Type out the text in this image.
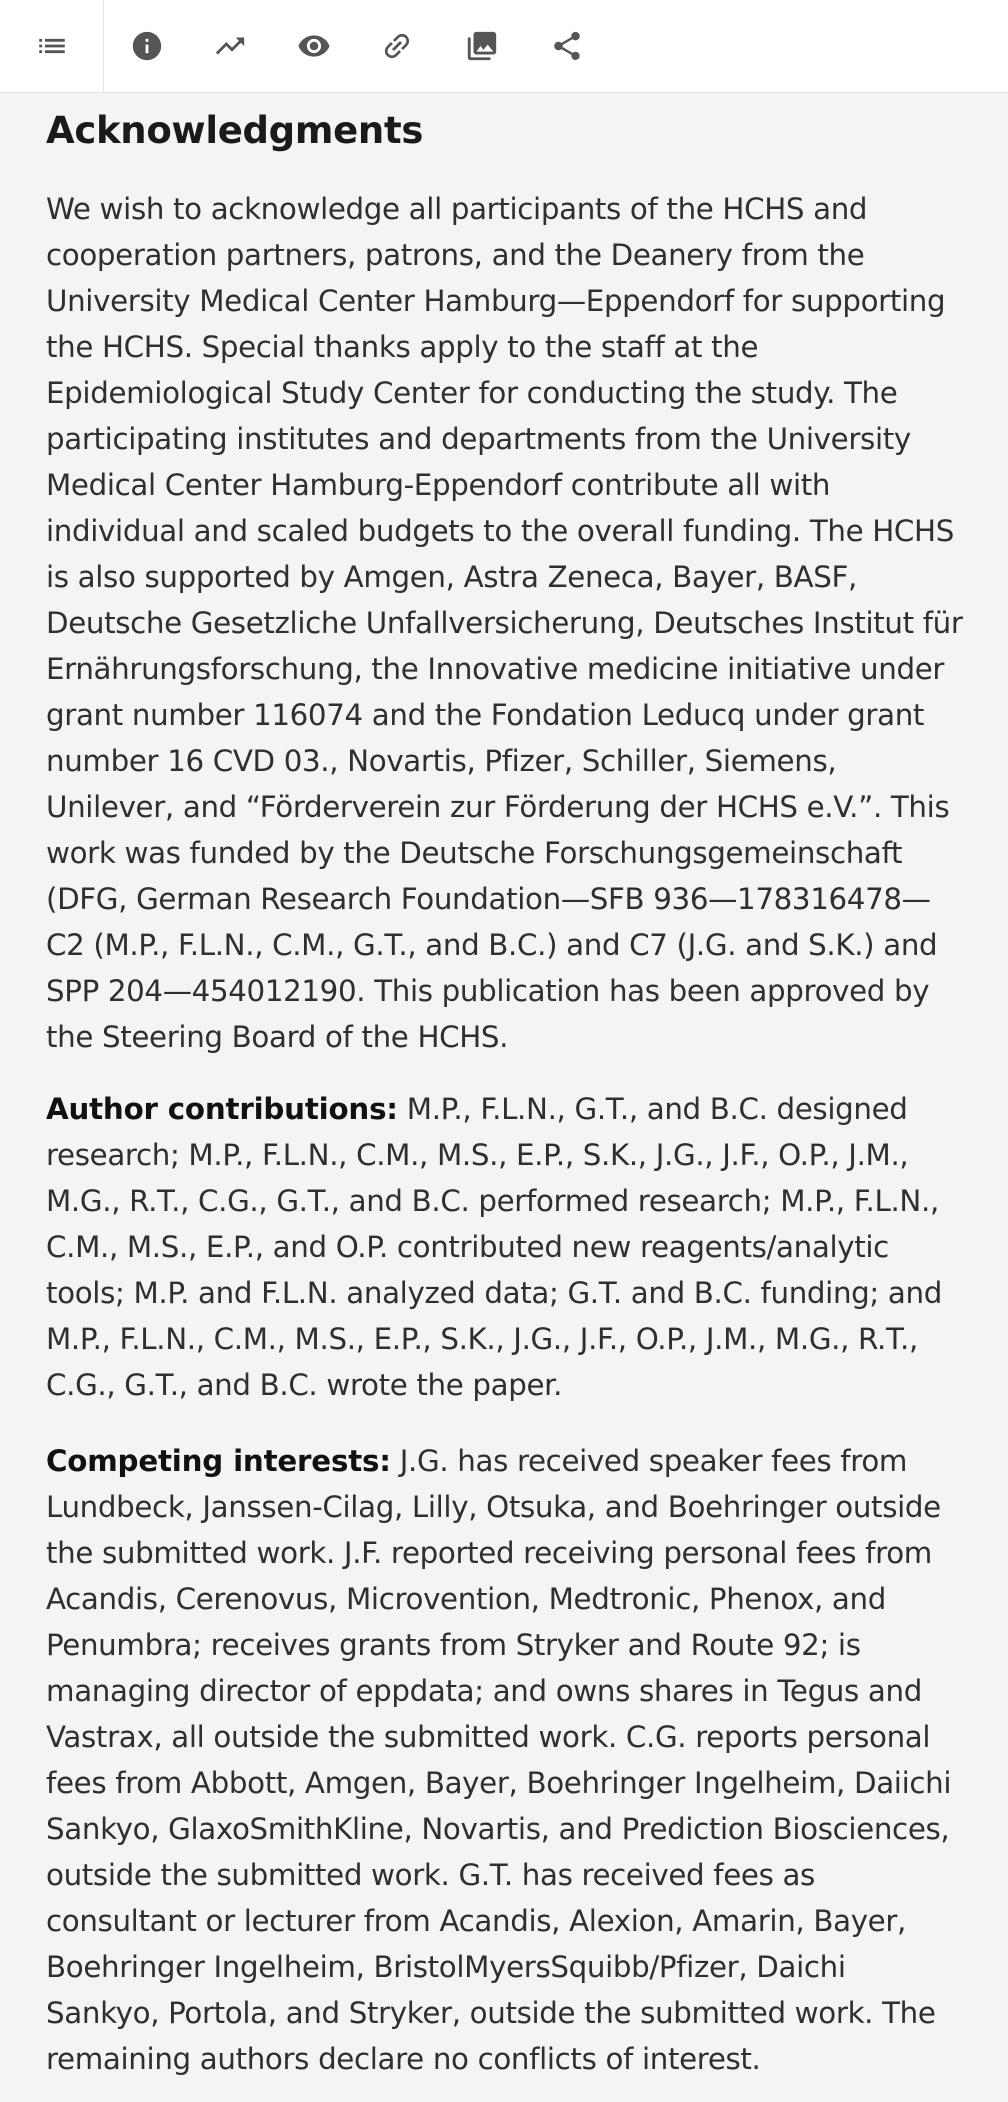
Acknowledgments

We wish to acknowledge all participants of the HCHS and cooperation partners, patrons, and the Deanery from the University Medical Center Hamburg—Eppendorf for supporting the HCHS. Special thanks apply to the staff at the Epidemiological Study Center for conducting the study. The participating institutes and departments from the University Medical Center Hamburg-Eppendorf contribute all with individual and scaled budgets to the overall funding. The HCHS is also supported by Amgen, Astra Zeneca, Bayer, BASF, Deutsche Gesetzliche Unfallversicherung, Deutsches Institut für Ernährungsforschung, the Innovative medicine initiative under grant number 116074 and the Fondation Leducq under grant number 16 CVD 03., Novartis, Pfizer, Schiller, Siemens, Unilever, and “Förderverein zur Förderung der HCHS e.V.”. This work was funded by the Deutsche Forschungsgemeinschaft (DFG, German Research Foundation—SFB 936—178316478—C2 (M.P., F.L.N., C.M., G.T., and B.C.) and C7 (J.G. and S.K.) and SPP 204—454012190. This publication has been approved by the Steering Board of the HCHS.

Author contributions: M.P., F.L.N., G.T., and B.C. designed research; M.P., F.L.N., C.M., M.S., E.P., S.K., J.G., J.F., O.P., J.M., M.G., R.T., C.G., G.T., and B.C. performed research; M.P., F.L.N., C.M., M.S., E.P., and O.P. contributed new reagents/analytic tools; M.P. and F.L.N. analyzed data; G.T. and B.C. funding; and M.P., F.L.N., C.M., M.S., E.P., S.K., J.G., J.F., O.P., J.M., M.G., R.T., C.G., G.T., and B.C. wrote the paper.

Competing interests: J.G. has received speaker fees from Lundbeck, Janssen-Cilag, Lilly, Otsuka, and Boehringer outside the submitted work. J.F. reported receiving personal fees from Acandis, Cerenovus, Microvention, Medtronic, Phenox, and Penumbra; receives grants from Stryker and Route 92; is managing director of eppdata; and owns shares in Tegus and Vastrax, all outside the submitted work. C.G. reports personal fees from Abbott, Amgen, Bayer, Boehringer Ingelheim, Daiichi Sankyo, GlaxoSmithKline, Novartis, and Prediction Biosciences, outside the submitted work. G.T. has received fees as consultant or lecturer from Acandis, Alexion, Amarin, Bayer, Boehringer Ingelheim, BristolMyersSquibb/Pfizer, Daichi Sankyo, Portola, and Stryker, outside the submitted work. The remaining authors declare no conflicts of interest.
